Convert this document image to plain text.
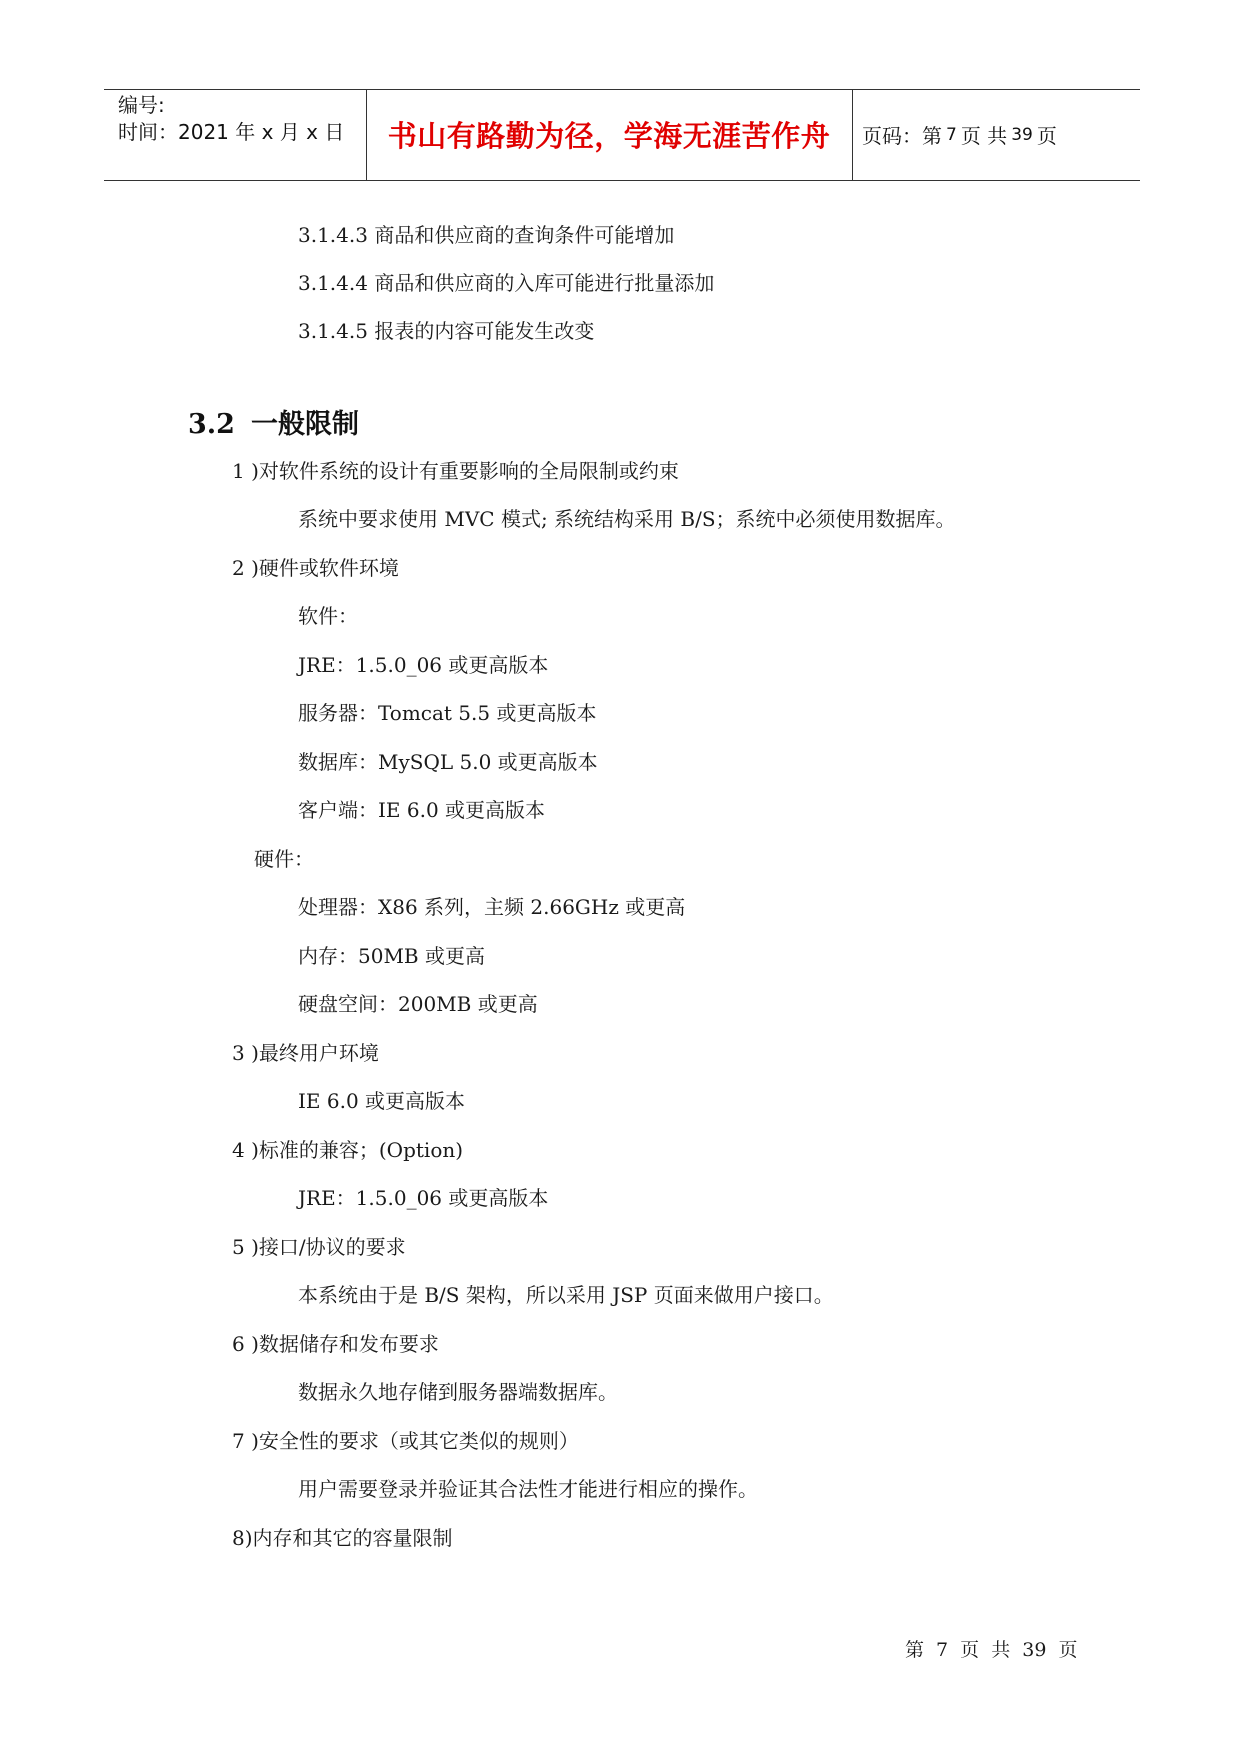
编号:
时间：2021 年 x 月 x 日	书山有路勤为径，学海无涯苦作舟	页码：第 7 页 共 39 页
3.1.4.3 商品和供应商的查询条件可能增加
3.1.4.4 商品和供应商的入库可能进行批量添加
3.1.4.5 报表的内容可能发生改变
3.2 一般限制
1 )对软件系统的设计有重要影响的全局限制或约束
系统中要求使用 MVC 模式; 系统结构采用 B/S；系统中必须使用数据库。
2 )硬件或软件环境
软件：
JRE：1.5.0_06 或更高版本
服务器：Tomcat 5.5 或更高版本
数据库：MySQL 5.0 或更高版本
客户端：IE 6.0 或更高版本
硬件：
处理器：X86 系列，主频 2.66GHz 或更高
内存：50MB 或更高
硬盘空间：200MB 或更高
3 )最终用户环境
IE 6.0 或更高版本
4 )标准的兼容；(Option)
JRE：1.5.0_06 或更高版本
5 )接口/协议的要求
本系统由于是 B/S 架构，所以采用 JSP 页面来做用户接口。
6 )数据储存和发布要求
数据永久地存储到服务器端数据库。
7 )安全性的要求（或其它类似的规则）
用户需要登录并验证其合法性才能进行相应的操作。
8)内存和其它的容量限制
第 7 页 共 39 页
